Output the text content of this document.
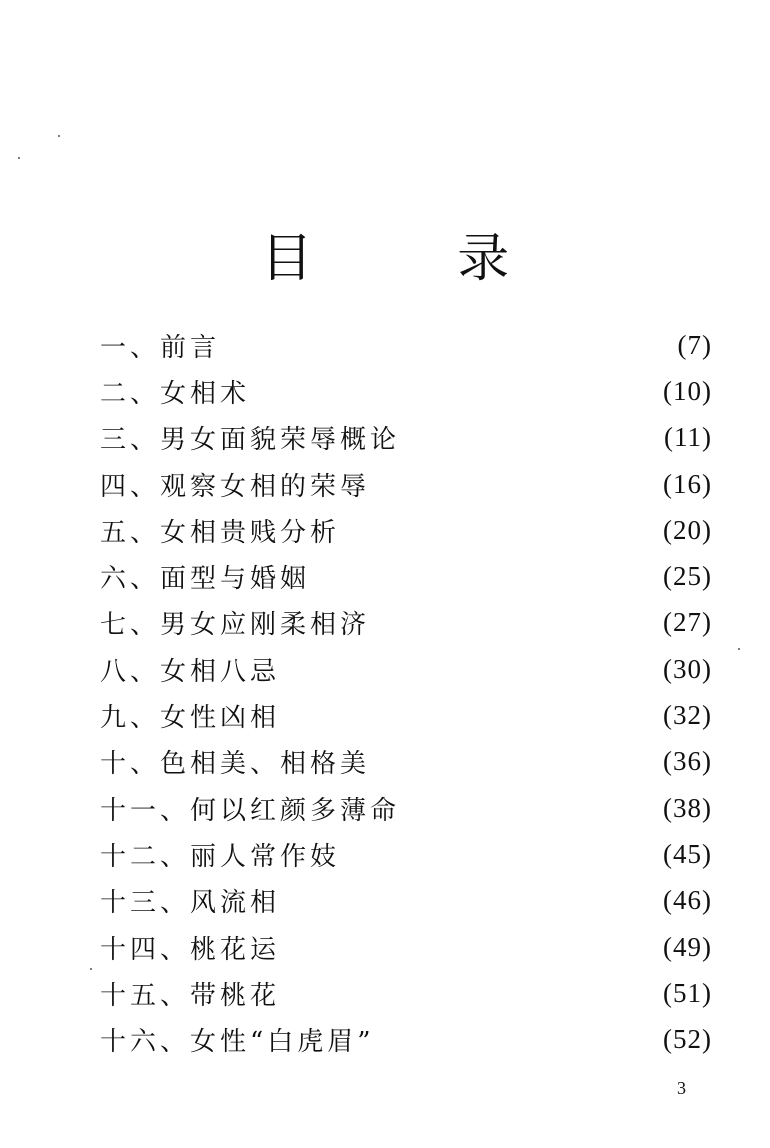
目 录
一、前言	(7)
二、女相术	(10)
三、男女面貌荣辱概论	(11)
四、观察女相的荣辱	(16)
五、女相贵贱分析	(20)
六、面型与婚姻	(25)
七、男女应刚柔相济	(27)
八、女相八忌	(30)
九、女性凶相	(32)
十、色相美、相格美	(36)
十一、何以红颜多薄命	(38)
十二、丽人常作妓	(45)
十三、风流相	(46)
十四、桃花运	(49)
十五、带桃花	(51)
十六、女性“白虎眉”	(52)
3
